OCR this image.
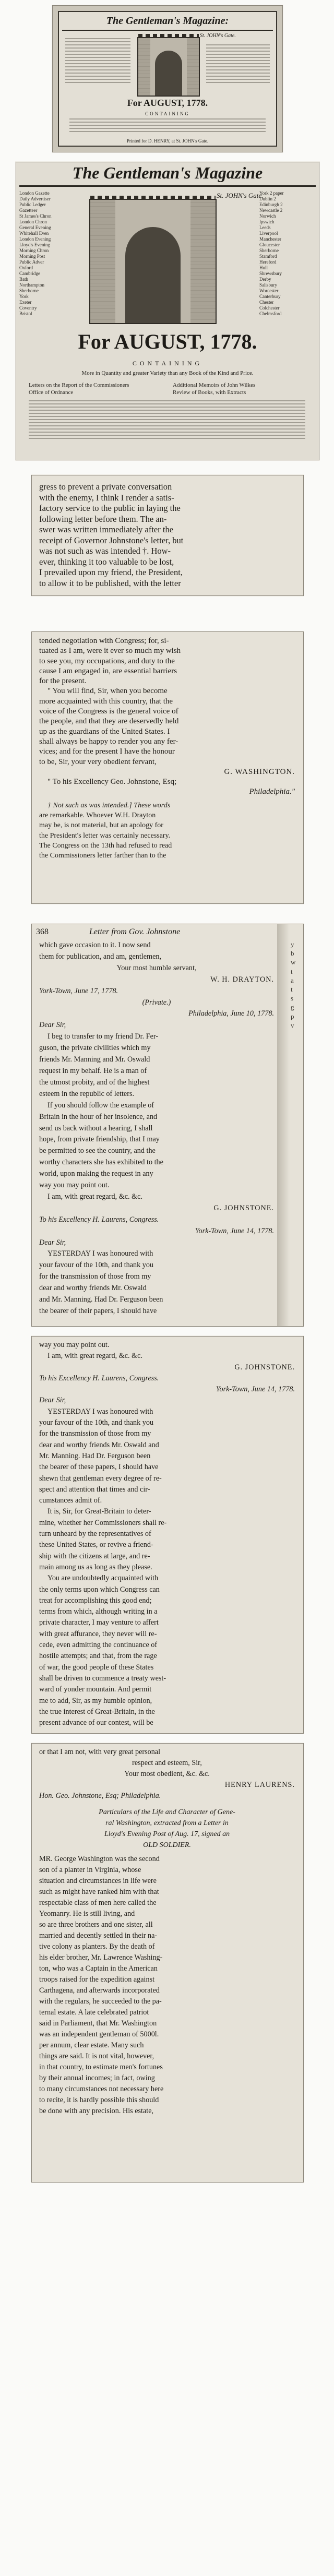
The Gentleman's Magazine:
St. JOHN's Gate.
For AUGUST, 1778.
CONTAINING
Printed for D. HENRY, at St. JOHN's Gate.
The Gentleman's Magazine
London Gazette
Daily Advertiser
Public Ledger
Gazetteer
St James's Chron
London Chron
General Evening
Whitehall Even
London Evening
Lloyd's Evening
Morning Chron
Morning Post
Public Adver
Oxford
Cambridge
Bath
Northampton
Sherborne
York
Exeter
Coventry
Bristol
York 2 paper
Dublin 2
Edinburgh 2
Newcastle 2
Norwich
Ipswich
Leeds
Liverpool
Manchester
Gloucester
Sherborne
Stamford
Hereford
Hull
Shrewsbury
Derby
Salisbury
Worcester
Canterbury
Chester
Colchester
Chelmsford
St. JOHN's Gate.
For AUGUST, 1778.
CONTAINING
More in Quantity and greater Variety than any Book of the Kind and Price.
Letters on the Report of the Commissioners
Office of Ordnance
Additional Memoirs of John Wilkes
Review of Books, with Extracts

gress to prevent a private conversation

with the enemy, I think I render a satis-

factory service to the public in laying the

following letter before them. The an-

swer was written immediately after the

receipt of Governor Johnstone's letter, but

was not such as was intended †. How-

ever, thinking it too valuable to be lost,

I prevailed upon my friend, the President,

to allow it to be published, with the letter

tended negotiation with Congress; for, si-

tuated as I am, were it ever so much my wish

to see you, my occupations, and duty to the

cause I am engaged in, are essential barriers

for the present.

" You will find, Sir, when you become

more acquainted with this country, that the

voice of the Congress is the general voice of

the people, and that they are deservedly held

up as the guardians of the United States. I

shall always be happy to render you any fer-

vices; and for the present I have the honour

to be, Sir, your very obedient fervant,

G. WASHINGTON.

" To his Excellency Geo. Johnstone, Esq;

Philadelphia."

† Not such as was intended.] These words

are remarkable. Whoever W.H. Drayton

may be, is not material, but an apology for

the President's letter was certainly necessary.

The Congress on the 13th had refused to read

the Commissioners letter farther than to the

368	Letter from Gov. Johnstone

which gave occasion to it. I now send

them for publication, and am, gentlemen,

Your most humble servant,

W. H. DRAYTON.

York-Town, June 17, 1778.

(Private.)

Philadelphia, June 10, 1778.

Dear Sir,

I beg to transfer to my friend Dr. Fer-

guson, the private civilities which my

friends Mr. Manning and Mr. Oswald

request in my behalf. He is a man of

the utmost probity, and of the highest

esteem in the republic of letters.

If you should follow the example of

Britain in the hour of her insolence, and

send us back without a hearing, I shall

hope, from private friendship, that I may

be permitted to see the country, and the

worthy characters she has exhibited to the

world, upon making the request in any

way you may point out.

I am, with great regard, &c. &c.

G. JOHNSTONE.

To his Excellency H. Laurens, Congress.

York-Town, June 14, 1778.

Dear Sir,

YESTERDAY I was honoured with

your favour of the 10th, and thank you

for the transmission of those from my

dear and worthy friends Mr. Oswald

and Mr. Manning. Had Dr. Ferguson been

the bearer of their papers, I should have

y
b
w
t
a
t
s
g
p
v

way you may point out.

I am, with great regard, &c. &c.

G. JOHNSTONE.

To his Excellency H. Laurens, Congress.

York-Town, June 14, 1778.

Dear Sir,

YESTERDAY I was honoured with

your favour of the 10th, and thank you

for the transmission of those from my

dear and worthy friends Mr. Oswald and

Mr. Manning. Had Dr. Ferguson been

the bearer of these papers, I should have

shewn that gentleman every degree of re-

spect and attention that times and cir-

cumstances admit of.

It is, Sir, for Great-Britain to deter-

mine, whether her Commissioners shall re-

turn unheard by the representatives of

these United States, or revive a friend-

ship with the citizens at large, and re-

main among us as long as they please.

You are undoubtedly acquainted with

the only terms upon which Congress can

treat for accomplishing this good end;

terms from which, although writing in a

private character, I may venture to affert

with great affurance, they never will re-

cede, even admitting the continuance of

hostile attempts; and that, from the rage

of war, the good people of these States

shall be driven to commence a treaty west-

ward of yonder mountain. And permit

me to add, Sir, as my humble opinion,

the true interest of Great-Britain, in the

present advance of our contest, will be

or that I am not, with very great personal

respect and esteem, Sir,

Your most obedient, &c. &c.

HENRY LAURENS.

Hon. Geo. Johnstone, Esq; Philadelphia.

Particulars of the Life and Character of Gene-

ral Washington, extracted from a Letter in

Lloyd's Evening Post of Aug. 17, signed an

OLD SOLDIER.

MR. George Washington was the second

son of a planter in Virginia, whose

situation and circumstances in life were

such as might have ranked him with that

respectable class of men here called the

Yeomanry. He is still living, and

so are three brothers and one sister, all

married and decently settled in their na-

tive colony as planters. By the death of

his elder brother, Mr. Lawrence Washing-

ton, who was a Captain in the American

troops raised for the expedition against

Carthagena, and afterwards incorporated

with the regulars, he succeeded to the pa-

ternal estate. A late celebrated patriot

said in Parliament, that Mr. Washington

was an independent gentleman of 5000l.

per annum, clear estate. Many such

things are said. It is not vital, however,

in that country, to estimate men's fortunes

by their annual incomes; in fact, owing

to many circumstances not necessary here

to recite, it is hardly possible this should

be done with any precision. His estate,
